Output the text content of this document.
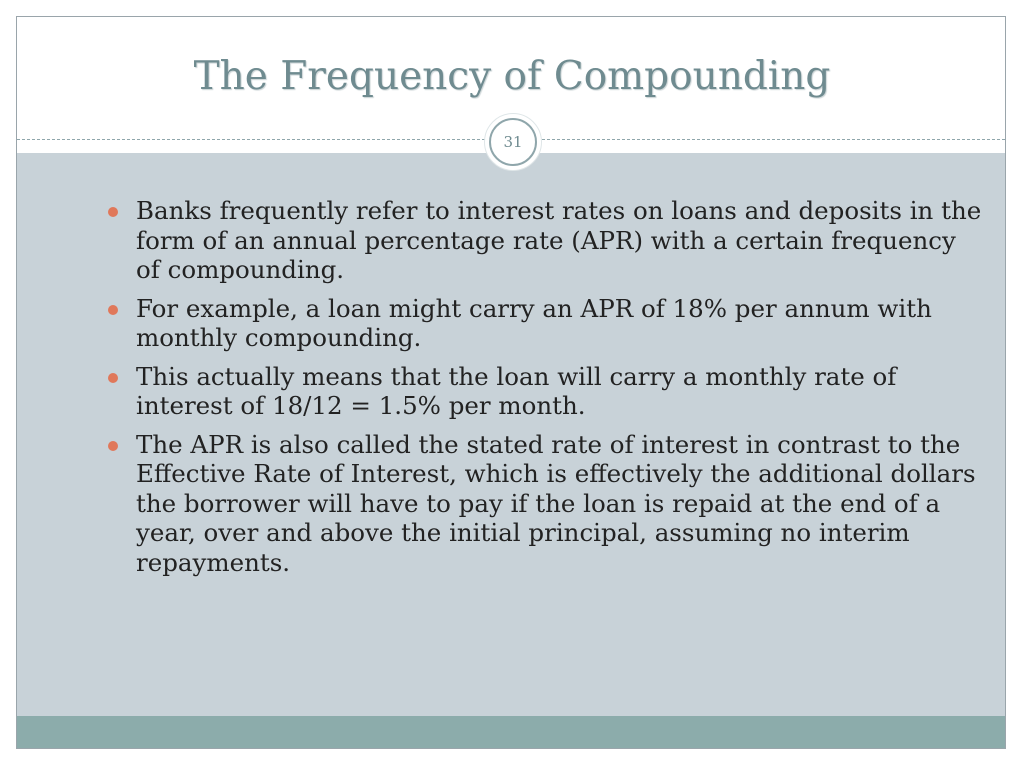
The Frequency of Compounding
31
Banks frequently refer to interest rates on loans and deposits in the form of an annual percentage rate (APR) with a certain frequency of compounding.
For example, a loan might carry an APR of 18% per annum with monthly compounding.
This actually means that the loan will carry a monthly rate of interest of 18/12 = 1.5% per month.
The APR is also called the stated rate of interest in contrast to the Effective Rate of Interest, which is effectively the additional dollars the borrower will have to pay if the loan is repaid at the end of a year, over and above the initial principal, assuming no interim repayments.
